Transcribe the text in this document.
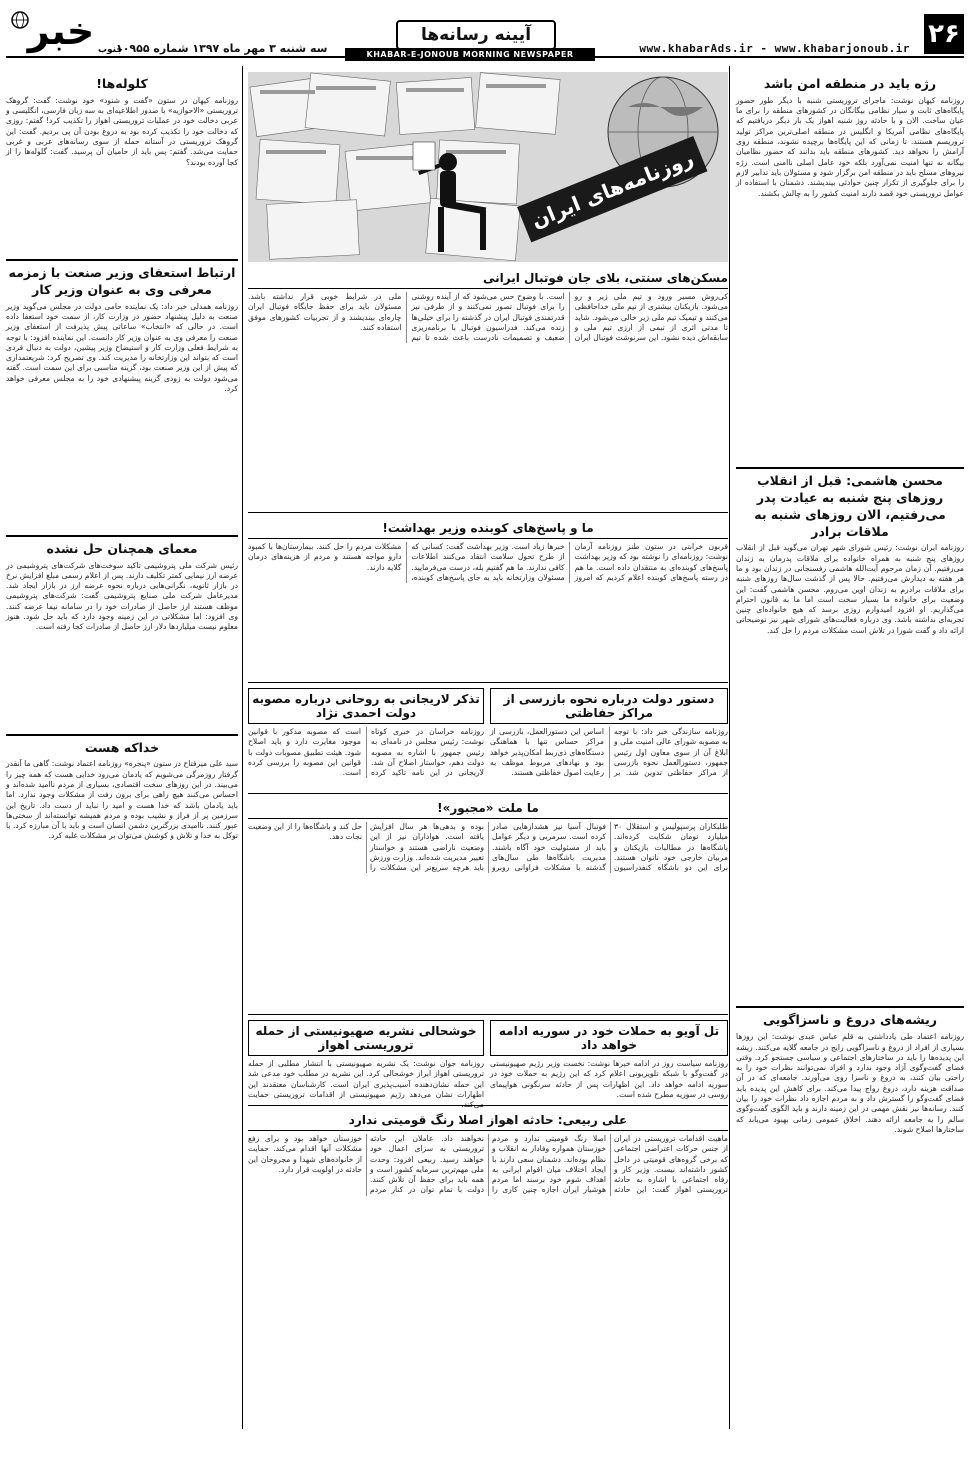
۲۶
www.khabarAds.ir - www.khabarjonoub.ir
آیینه رسانه‌ها
سه شنبه ۳ مهر ماه ۱۳۹۷ شماره ۱۰۹۵۵
خبر جنوب	KHABAR-E-JONOUB MORNING NEWSPAPER
رژه باید در منطقه امن باشد

روزنامه کیهان نوشت: ماجرای تروریستی شنبه با دیگر طور حضور پایگاه‌های ثابت و سیار نظامی بیگانگان در کشورهای منطقه را برای ما عیان ساخت. الان و با حادثه روز شنبه اهواز یک بار دیگر دریافتیم که پایگاه‌های نظامی آمریکا و انگلیس در منطقه اصلی‌ترین مراکز تولید تروریسم هستند. تا زمانی که این پایگاه‌ها برچیده نشوند، منطقه روی آرامش را نخواهد دید. کشورهای منطقه باید بدانند که حضور نظامیان بیگانه نه تنها امنیت نمی‌آورد بلکه خود عامل اصلی ناامنی است. رژه نیروهای مسلح باید در منطقه امن برگزار شود و مسئولان باید تدابیر لازم را برای جلوگیری از تکرار چنین حوادثی بیندیشند. دشمنان با استفاده از عوامل تروریستی خود قصد دارند امنیت کشور را به چالش بکشند.

محسن هاشمی: قبل از انقلاب روزهای پنج شنبه به عیادت پدر می‌رفتیم، الان روزهای شنبه به ملاقات برادر

روزنامه ایران نوشت: رئیس شورای شهر تهران می‌گوید قبل از انقلاب روزهای پنج شنبه به همراه خانواده برای ملاقات پدرمان به زندان می‌رفتیم. آن زمان مرحوم آیت‌الله هاشمی رفسنجانی در زندان بود و ما هر هفته به دیدارش می‌رفتیم. حالا پس از گذشت سال‌ها روزهای شنبه برای ملاقات برادرم به زندان اوین می‌روم. محسن هاشمی گفت: این وضعیت برای خانواده ما بسیار سخت است اما ما به قانون احترام می‌گذاریم. او افزود امیدوارم روزی برسد که هیچ خانواده‌ای چنین تجربه‌ای نداشته باشد. وی درباره فعالیت‌های شورای شهر نیز توضیحاتی ارائه داد و گفت شورا در تلاش است مشکلات مردم را حل کند.

ریشه‌های دروغ و ناسزاگویی

روزنامه اعتماد طی یادداشتی به قلم عباس عبدی نوشت: این روزها بسیاری از افراد از دروغ و ناسزاگویی رایج در جامعه گلایه می‌کنند. ریشه این پدیده‌ها را باید در ساختارهای اجتماعی و سیاسی جستجو کرد. وقتی فضای گفت‌وگوی آزاد وجود ندارد و افراد نمی‌توانند نظرات خود را به راحتی بیان کنند، به دروغ و ناسزا روی می‌آورند. جامعه‌ای که در آن صداقت هزینه دارد، دروغ رواج پیدا می‌کند. برای کاهش این پدیده باید فضای گفت‌وگو را گسترش داد و به مردم اجازه داد نظرات خود را بیان کنند. رسانه‌ها نیز نقش مهمی در این زمینه دارند و باید الگوی گفت‌وگوی سالم را به جامعه ارائه دهند. اخلاق عمومی زمانی بهبود می‌یابد که ساختارها اصلاح شوند.

کلوله‌ها!

روزنامه کیهان در ستون «گفت و شنود» خود نوشت: گفت: گروهک تروریستی «الاحوازیه» با صدور اطلاعیه‌ای به سه زبان فارسی، انگلیسی و عربی دخالت خود در عملیات تروریستی اهواز را تکذیب کرد! گفتم: روزی که دخالت خود را تکذیب کرده بود به دروغ بودن آن پی بردیم. گفت: این گروهک تروریستی در آستانه حمله از سوی رسانه‌های عربی و غربی حمایت می‌شد. گفتم: پس باید از حامیان آن پرسید. گفت: گلوله‌ها را از کجا آورده بودند؟

ارتباط استعفای وزیر صنعت با زمزمه معرفی وی به عنوان وزیر کار

روزنامه همدلی خبر داد: یک نماینده حامی دولت در مجلس می‌گوید وزیر صنعت به دلیل پیشنهاد حضور در وزارت کار، از سمت خود استعفا داده است. در حالی که «انتخاب» ساعاتی پیش پذیرفت از استعفای وزیر صنعت را معرفی وی به عنوان وزیر کار دانست. این نماینده افزود: با توجه به شرایط فعلی وزارت کار و استیضاح وزیر پیشین، دولت به دنبال فردی است که بتواند این وزارتخانه را مدیریت کند. وی تصریح کرد: شریعتمداری که پیش از این وزیر صنعت بود، گزینه مناسبی برای این سمت است. گفته می‌شود دولت به زودی گزینه پیشنهادی خود را به مجلس معرفی خواهد کرد.

معمای همچنان حل نشده

رئیس شرکت ملی پتروشیمی تاکید سوخت‌های شرکت‌های پتروشیمی در عرضه ارز نیمایی کمتر تکلیف دارند. پس از اعلام رسمی مبلغ افزایش نرخ در بازار ثانویه، نگرانی‌هایی درباره نحوه عرضه ارز در بازار ایجاد شد. مدیرعامل شرکت ملی صنایع پتروشیمی گفت: شرکت‌های پتروشیمی موظف هستند ارز حاصل از صادرات خود را در سامانه نیما عرضه کنند. وی افزود: اما مشکلاتی در این زمینه وجود دارد که باید حل شود. هنوز معلوم نیست میلیاردها دلار ارز حاصل از صادرات کجا رفته است.

خداکه هست

سید علی میرفتاح در ستون «پنجره» روزنامه اعتماد نوشت: گاهی ما آنقدر گرفتار روزمرگی می‌شویم که یادمان می‌رود خدایی هست که همه چیز را می‌بیند. در این روزهای سخت اقتصادی، بسیاری از مردم ناامید شده‌اند و احساس می‌کنند هیچ راهی برای برون رفت از مشکلات وجود ندارد. اما باید یادمان باشد که خدا هست و امید را نباید از دست داد. تاریخ این سرزمین پر از فراز و نشیب بوده و مردم همیشه توانسته‌اند از سختی‌ها عبور کنند. ناامیدی بزرگترین دشمن انسان است و باید با آن مبارزه کرد. با توکل به خدا و تلاش و کوشش می‌توان بر مشکلات غلبه کرد.

روزنامه‌های ایران
مسکن‌های سنتی، بلای جان فوتبال ایرانی

کی‌روش مسیر ورود و تیم ملی زیر و رو می‌شود. بازیکنان بیشتری از تیم ملی خداحافظی می‌کنند و تیمیک تیم ملی زیر خالی می‌شود. شاید تا مدتی اثری از تیمی از ارزی تیم ملی و سابقه‌اش دیده نشود. این سرنوشت فوتبال ایران است. با وضوح حس می‌شود که از آینده روشنی را برای فوتبال تصور نمی‌کنند و از طرفی نیز قدرتمندی فوتبال ایران در گذشته را برای خیلی‌ها زنده می‌کند. فدراسیون فوتبال با برنامه‌ریزی ضعیف و تصمیمات نادرست باعث شده تا تیم ملی در شرایط خوبی قرار نداشته باشد. مسئولان باید برای حفظ جایگاه فوتبال ایران چاره‌ای بیندیشند و از تجربیات کشورهای موفق استفاده کنند.

ما و پاسخ‌های کوبنده وزیر بهداشت!

قربون خرابتی در ستون طنز روزنامه آرمان نوشت: روزنامه‌ای را نوشته بود که وزیر بهداشت پاسخ‌های کوبنده‌ای به منتقدان داده است. ما هم در رسته پاسخ‌های کوبنده اعلام کردیم که امروز خبرها زیاد است. وزیر بهداشت گفت: کسانی که از طرح تحول سلامت انتقاد می‌کنند اطلاعات کافی ندارند. ما هم گفتیم بله، درست می‌فرمایید. مسئولان وزارتخانه باید به جای پاسخ‌های کوبنده، مشکلات مردم را حل کنند. بیمارستان‌ها با کمبود دارو مواجه هستند و مردم از هزینه‌های درمان گلایه دارند.

دستور دولت درباره نحوه بازرسی از مراکز حفاظتی

روزنامه سازندگی خبر داد: با توجه به مصوبه شورای عالی امنیت ملی و ابلاغ آن از سوی معاون اول رئیس جمهور، دستورالعمل نحوه بازرسی از مراکز حفاظتی تدوین شد. بر اساس این دستورالعمل، بازرسی از مراکز حساس تنها با هماهنگی دستگاه‌های ذی‌ربط امکان‌پذیر خواهد بود و نهادهای مربوط موظف به رعایت اصول حفاظتی هستند.

تذکر لاریجانی به روحانی درباره مصوبه دولت احمدی نژاد

روزنامه خراسان در خبری کوتاه نوشت: رئیس مجلس در نامه‌ای به رئیس جمهور با اشاره به مصوبه دولت دهم، خواستار اصلاح آن شد. لاریجانی در این نامه تاکید کرده است که مصوبه مذکور با قوانین موجود مغایرت دارد و باید اصلاح شود. هیئت تطبیق مصوبات دولت با قوانین این مصوبه را بررسی کرده است.

ما ملت «مجبور»!

طلبکاران پرسپولیس و استقلال ۳۰ میلیارد تومان شکایت کرده‌اند. باشگاه‌ها در مطالبات بازیکنان و مربیان خارجی خود ناتوان هستند. برای این دو باشگاه کنفدراسیون فوتبال آسیا نیز هشدارهایی صادر کرده است. سرمربی و دیگر عوامل باید از مسئولیت خود آگاه باشند. مدیریت باشگاه‌ها طی سال‌های گذشته با مشکلات فراوانی روبرو بوده و بدهی‌ها هر سال افزایش یافته است. هواداران نیز از این وضعیت ناراضی هستند و خواستار تغییر مدیریت شده‌اند. وزارت ورزش باید هرچه سریع‌تر این مشکلات را حل کند و باشگاه‌ها را از این وضعیت نجات دهد.

تل آویو به حملات خود در سوریه ادامه خواهد داد

روزنامه سیاست روز در ادامه خبرها نوشت: نخست وزیر رژیم صهیونیستی در گفت‌وگو با شبکه تلویزیونی اعلام کرد که این رژیم به حملات خود در سوریه ادامه خواهد داد. این اظهارات پس از حادثه سرنگونی هواپیمای روسی در سوریه مطرح شده است.

خوشحالی نشریه صهیونیستی از حمله تروریستی اهواز

روزنامه جوان نوشت: یک نشریه صهیونیستی با انتشار مطلبی از حمله تروریستی اهواز ابراز خوشحالی کرد. این نشریه در مطلب خود مدعی شد این حمله نشان‌دهنده آسیب‌پذیری ایران است. کارشناسان معتقدند این اظهارات نشان می‌دهد رژیم صهیونیستی از اقدامات تروریستی حمایت

علی ربیعی: حادثه اهواز اصلا رنگ قومیتی ندارد

ماهیت اقدامات تروریستی در ایران از جنس حرکات اعتراضی اجتماعی که برخی گروه‌های قومیتی در داخل کشور داشته‌اند نیست. وزیر کار و رفاه اجتماعی با اشاره به حادثه تروریستی اهواز گفت: این حادثه اصلا رنگ قومیتی ندارد و مردم خوزستان همواره وفادار به انقلاب و نظام بوده‌اند. دشمنان سعی دارند با ایجاد اختلاف میان اقوام ایرانی به اهداف شوم خود برسند اما مردم هوشیار ایران اجازه چنین کاری را نخواهند داد. عاملان این حادثه تروریستی به سزای اعمال خود خواهند رسید. ربیعی افزود: وحدت ملی مهم‌ترین سرمایه کشور است و همه باید برای حفظ آن تلاش کنند. دولت با تمام توان در کنار مردم خوزستان خواهد بود و برای رفع مشکلات آنها اقدام می‌کند. حمایت از خانواده‌های شهدا و مجروحان این حادثه در اولویت قرار دارد.
